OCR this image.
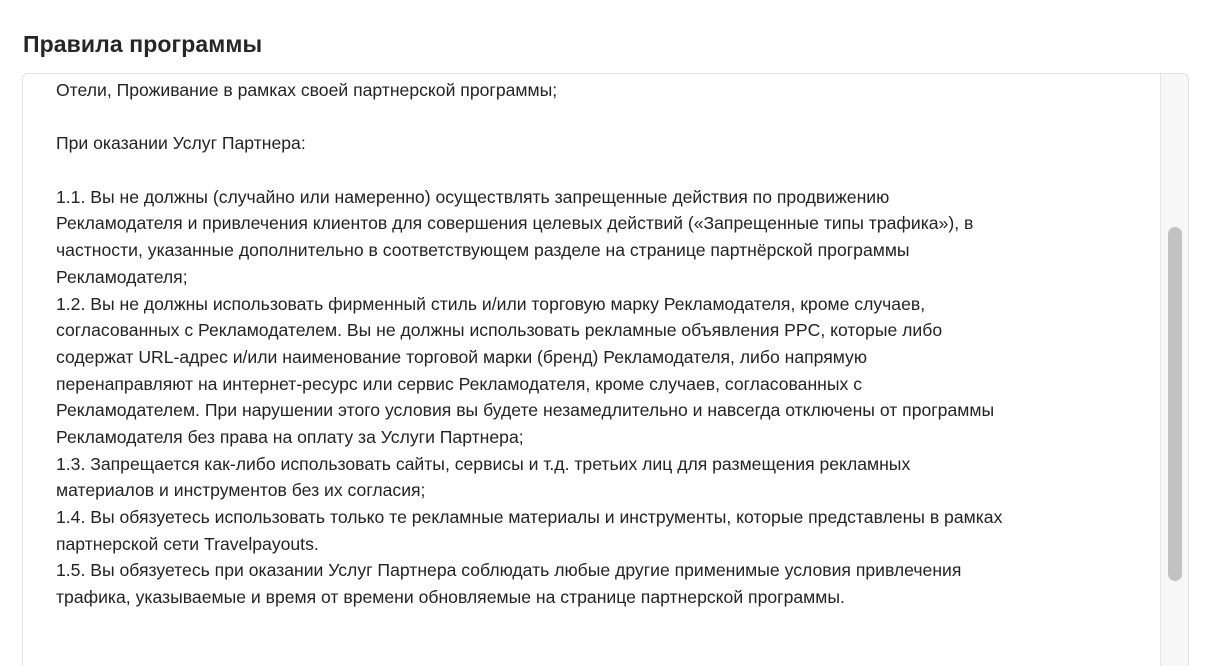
Правила программы
Отели, Проживание в рамках своей партнерской программы;
При оказании Услуг Партнера:
1.1. Вы не должны (случайно или намеренно) осуществлять запрещенные действия по продвижению
Рекламодателя и привлечения клиентов для совершения целевых действий («Запрещенные типы трафика»), в
частности, указанные дополнительно в соответствующем разделе на странице партнёрской программы
Рекламодателя;
1.2. Вы не должны использовать фирменный стиль и/или торговую марку Рекламодателя, кроме случаев,
согласованных с Рекламодателем. Вы не должны использовать рекламные объявления PPC, которые либо
содержат URL-адрес и/или наименование торговой марки (бренд) Рекламодателя, либо напрямую
перенаправляют на интернет-ресурс или сервис Рекламодателя, кроме случаев, согласованных с
Рекламодателем. При нарушении этого условия вы будете незамедлительно и навсегда отключены от программы
Рекламодателя без права на оплату за Услуги Партнера;
1.3. Запрещается как-либо использовать сайты, сервисы и т.д. третьих лиц для размещения рекламных
материалов и инструментов без их согласия;
1.4. Вы обязуетесь использовать только те рекламные материалы и инструменты, которые представлены в рамках
партнерской сети Travelpayouts.
1.5. Вы обязуетесь при оказании Услуг Партнера соблюдать любые другие применимые условия привлечения
трафика, указываемые и время от времени обновляемые на странице партнерской программы.
